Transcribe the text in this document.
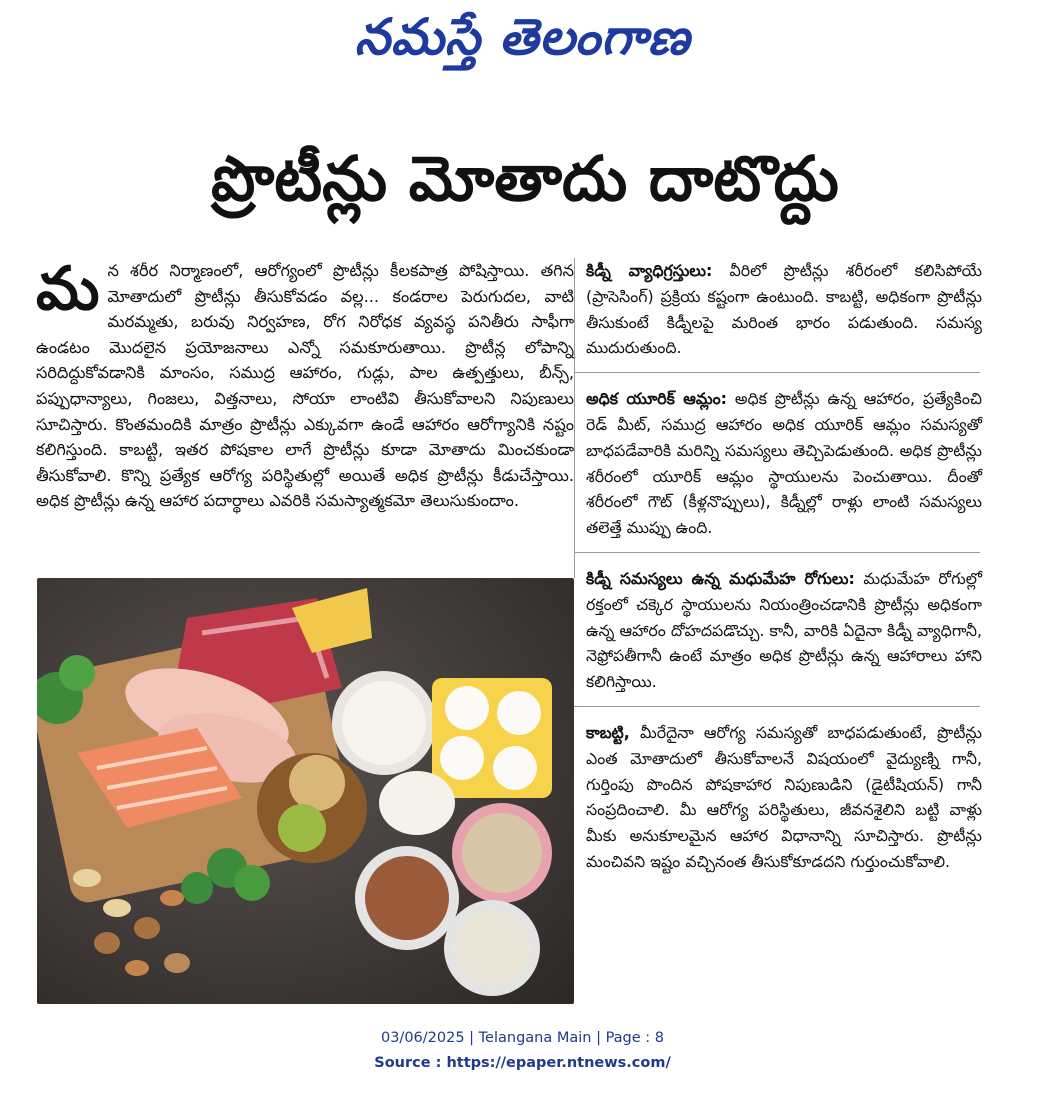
నమస్తే తెలంగాణ
ప్రొటీన్లు మోతాదు దాటొద్దు

మన శరీర నిర్మాణంలో, ఆరోగ్యంలో ప్రొటీన్లు కీలకపాత్ర పోషిస్తాయి. తగిన మోతాదులో ప్రొటీన్లు తీసుకోవడం వల్ల... కండరాల పెరుగుదల, వాటి మరమ్మతు, బరువు నిర్వహణ, రోగ నిరోధక వ్యవస్థ పనితీరు సాఫీగా ఉండటం మొదలైన ప్రయోజనాలు ఎన్నో సమకూరుతాయి. ప్రొటీన్ల లోపాన్ని సరిదిద్దుకోవడానికి మాంసం, సముద్ర ఆహారం, గుడ్లు, పాల ఉత్పత్తులు, బీన్స్, పప్పుధాన్యాలు, గింజలు, విత్తనాలు, సోయా లాంటివి తీసుకోవాలని నిపుణులు సూచిస్తారు. కొంతమందికి మాత్రం ప్రొటీన్లు ఎక్కువగా ఉండే ఆహారం ఆరోగ్యానికి నష్టం కలిగిస్తుంది. కాబట్టి, ఇతర పోషకాల లాగే ప్రొటీన్లు కూడా మోతాదు మించకుండా తీసుకోవాలి. కొన్ని ప్రత్యేక ఆరోగ్య పరిస్థితుల్లో అయితే అధిక ప్రొటీన్లు కీడుచేస్తాయి. అధిక ప్రొటీన్లు ఉన్న ఆహార పదార్థాలు ఎవరికి సమస్యాత్మకమో తెలుసుకుందాం.

కిడ్నీ వ్యాధిగ్రస్తులు: వీరిలో ప్రొటీన్లు శరీరంలో కలిసిపోయే (ప్రాసెసింగ్) ప్రక్రియ కష్టంగా ఉంటుంది. కాబట్టి, అధికంగా ప్రొటీన్లు తీసుకుంటే కిడ్నీలపై మరింత భారం పడుతుంది. సమస్య ముదురుతుంది.

అధిక యూరిక్ ఆమ్లం: అధిక ప్రొటీన్లు ఉన్న ఆహారం, ప్రత్యేకించి రెడ్ మీట్, సముద్ర ఆహారం అధిక యూరిక్ ఆమ్లం సమస్యతో బాధపడేవారికి మరిన్ని సమస్యలు తెచ్చిపెడుతుంది. అధిక ప్రొటీన్లు శరీరంలో యూరిక్ ఆమ్లం స్థాయులను పెంచుతాయి. దీంతో శరీరంలో గౌట్ (కీళ్లనొప్పులు), కిడ్నీల్లో రాళ్లు లాంటి సమస్యలు తలెత్తే ముప్పు ఉంది.

కిడ్నీ సమస్యలు ఉన్న మధుమేహ రోగులు: మధుమేహ రోగుల్లో రక్తంలో చక్కెర స్థాయులను నియంత్రించడానికి ప్రొటీన్లు అధికంగా ఉన్న ఆహారం దోహదపడొచ్చు. కానీ, వారికి ఏదైనా కిడ్నీ వ్యాధిగానీ, నెఫ్రోపతీగానీ ఉంటే మాత్రం అధిక ప్రొటీన్లు ఉన్న ఆహారాలు హాని కలిగిస్తాయి.

కాబట్టి, మీరేదైనా ఆరోగ్య సమస్యతో బాధపడుతుంటే, ప్రొటీన్లు ఎంత మోతాదులో తీసుకోవాలనే విషయంలో వైద్యుణ్ని గానీ, గుర్తింపు పొందిన పోషకాహార నిపుణుడిని (డైటీషియన్) గానీ సంప్రదించాలి. మీ ఆరోగ్య పరిస్థితులు, జీవనశైలిని బట్టి వాళ్లు మీకు అనుకూలమైన ఆహార విధానాన్ని సూచిస్తారు. ప్రొటీన్లు మంచివని ఇష్టం వచ్చినంత తీసుకోకూడదని గుర్తుంచుకోవాలి.

03/06/2025 | Telangana Main | Page : 8
Source : https://epaper.ntnews.com/
